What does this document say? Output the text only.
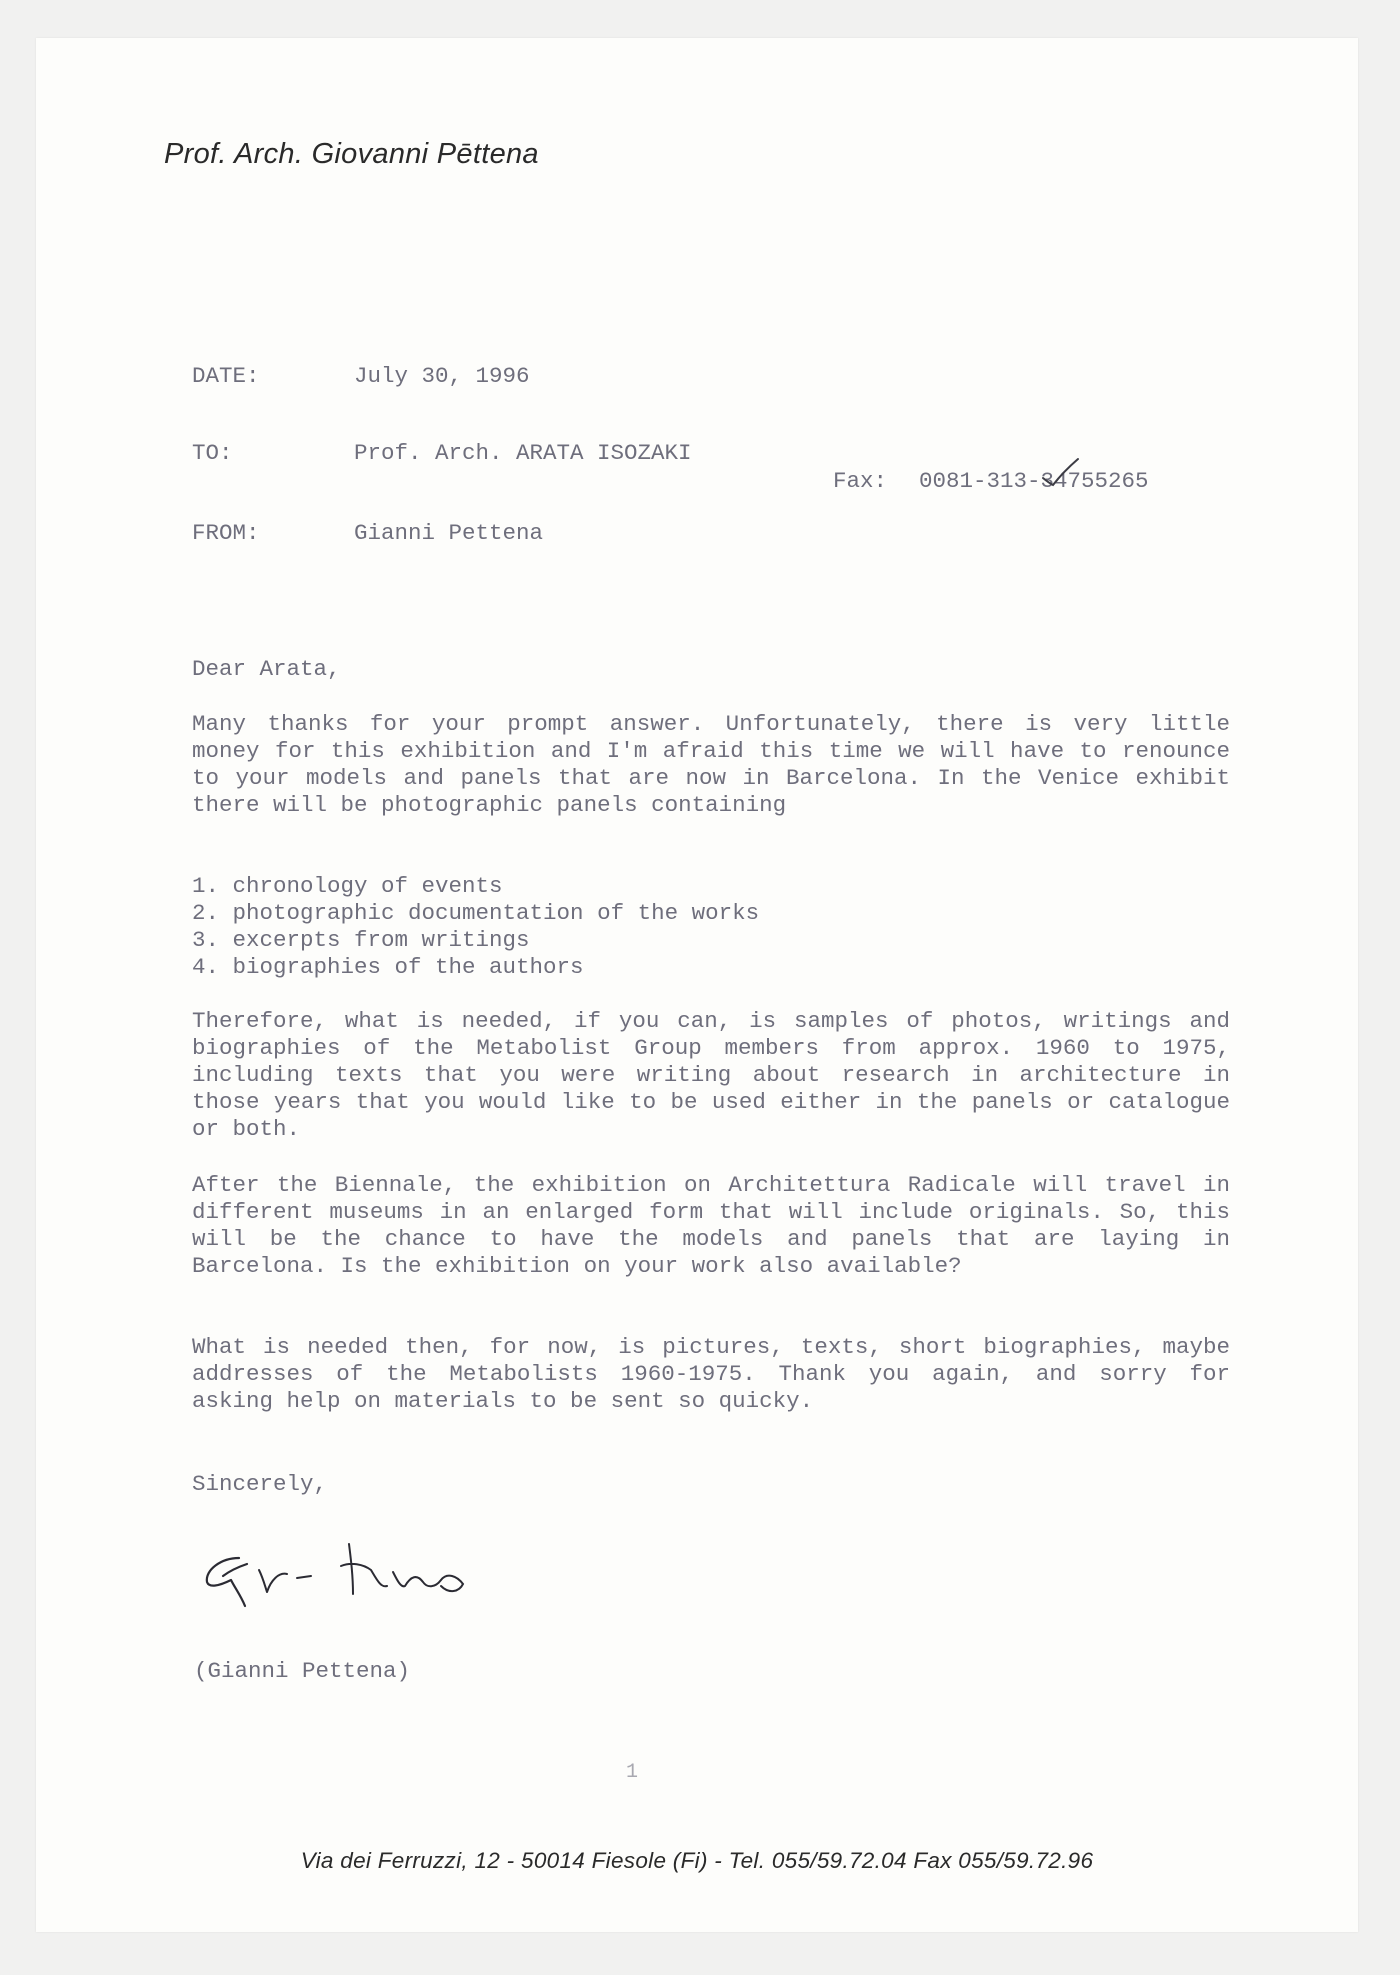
Prof. Arch. Giovanni Pēttena
DATE:	July 30, 1996
TO:	Prof. Arch. ARATA ISOZAKI
Fax: 0081-313-34755265
FROM:	Gianni Pettena
Dear Arata,
Many thanks for your prompt answer. Unfortunately, there is very little money for this exhibition and I'm afraid this time we will have to renounce to your models and panels that are now in Barcelona. In the Venice exhibit there will be photographic panels containing
1. chronology of events
2. photographic documentation of the works
3. excerpts from writings
4. biographies of the authors
Therefore, what is needed, if you can, is samples of photos, writings and biographies of the Metabolist Group members from approx. 1960 to 1975, including texts that you were writing about research in architecture in those years that you would like to be used either in the panels or catalogue or both.
After the Biennale, the exhibition on Architettura Radicale will travel in different museums in an enlarged form that will include originals. So, this will be the chance to have the models and panels that are laying in Barcelona. Is the exhibition on your work also available?
What is needed then, for now, is pictures, texts, short biographies, maybe addresses of the Metabolists 1960-1975. Thank you again, and sorry for asking help on materials to be sent so quicky.
Sincerely,
(Gianni Pettena)
1
Via dei Ferruzzi, 12 - 50014 Fiesole (Fi) - Tel. 055/59.72.04 Fax 055/59.72.96
